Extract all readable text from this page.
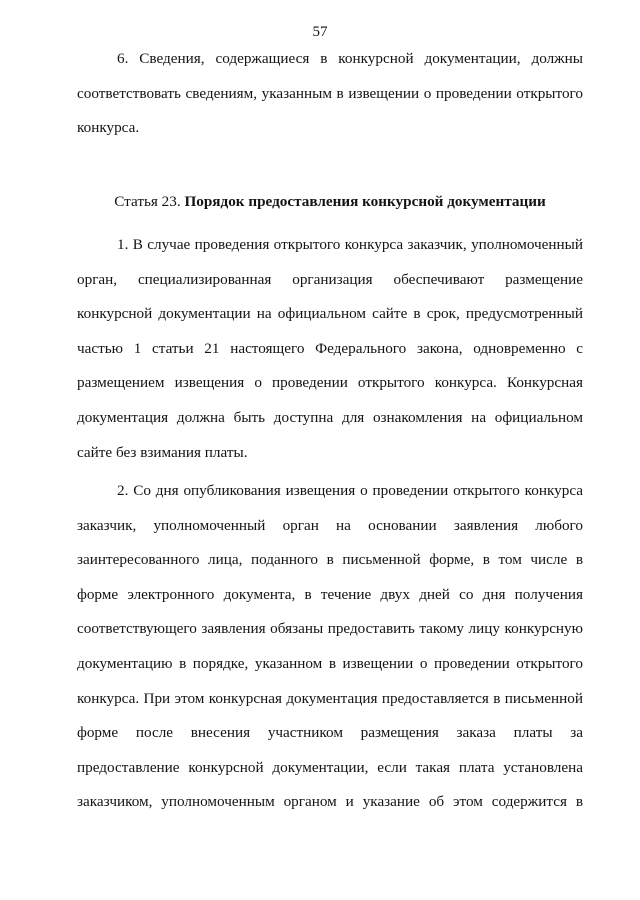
57
6. Сведения, содержащиеся в конкурсной документации, должны
соответствовать сведениям, указанным в извещении о проведении открытого
конкурса.
Статья 23. Порядок предоставления конкурсной документации
1. В случае проведения открытого конкурса заказчик, уполномоченный
орган, специализированная организация обеспечивают размещение
конкурсной документации на официальном сайте в срок, предусмотренный
частью 1 статьи 21 настоящего Федерального закона, одновременно с
размещением извещения о проведении открытого конкурса. Конкурсная
документация должна быть доступна для ознакомления на официальном
сайте без взимания платы.
2. Со дня опубликования извещения о проведении открытого конкурса
заказчик, уполномоченный орган на основании заявления любого
заинтересованного лица, поданного в письменной форме, в том числе в
форме электронного документа, в течение двух дней со дня получения
соответствующего заявления обязаны предоставить такому лицу конкурсную
документацию в порядке, указанном в извещении о проведении открытого
конкурса. При этом конкурсная документация предоставляется в письменной
форме после внесения участником размещения заказа платы за
предоставление конкурсной документации, если такая плата установлена
заказчиком, уполномоченным органом и указание об этом содержится в
